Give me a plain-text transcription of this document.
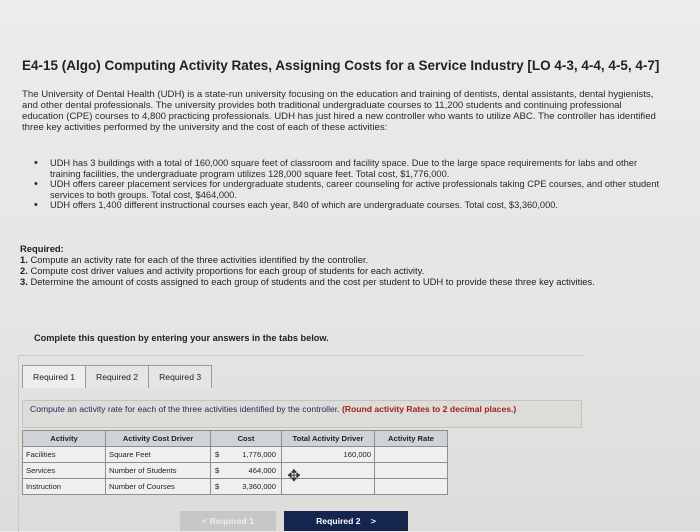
E4-15 (Algo) Computing Activity Rates, Assigning Costs for a Service Industry [LO 4-3, 4-4, 4-5, 4-7]
The University of Dental Health (UDH) is a state-run university focusing on the education and training of dentists, dental assistants, dental hygienists, and other dental professionals. The university provides both traditional undergraduate courses to 11,200 students and continuing professional education (CPE) courses to 4,800 practicing professionals. UDH has just hired a new controller who wants to utilize ABC. The controller has identified three key activities performed by the university and the cost of each of these activities:
• UDH has 3 buildings with a total of 160,000 square feet of classroom and facility space. Due to the large space requirements for labs and other training facilities, the undergraduate program utilizes 128,000 square feet. Total cost, $1,776,000.
• UDH offers career placement services for undergraduate students, career counseling for active professionals taking CPE courses, and other student services to both groups. Total cost, $464,000.
• UDH offers 1,400 different instructional courses each year, 840 of which are undergraduate courses. Total cost, $3,360,000.
Required:
1. Compute an activity rate for each of the three activities identified by the controller.
2. Compute cost driver values and activity proportions for each group of students for each activity.
3. Determine the amount of costs assigned to each group of students and the cost per student to UDH to provide these three key activities.
Complete this question by entering your answers in the tabs below.
Required 1	Required 2	Required 3
Compute an activity rate for each of the three activities identified by the controller. (Round activity Rates to 2 decimal places.)
Activity	Activity Cost Driver	Cost	Total Activity Driver	Activity Rate
Facilities	Square Feet	$ 1,776,000	160,000	
Services	Number of Students	$ 464,000		

Instruction	Number of Courses	$ 3,360,000		

✥
< Required 1	Required 2 >
